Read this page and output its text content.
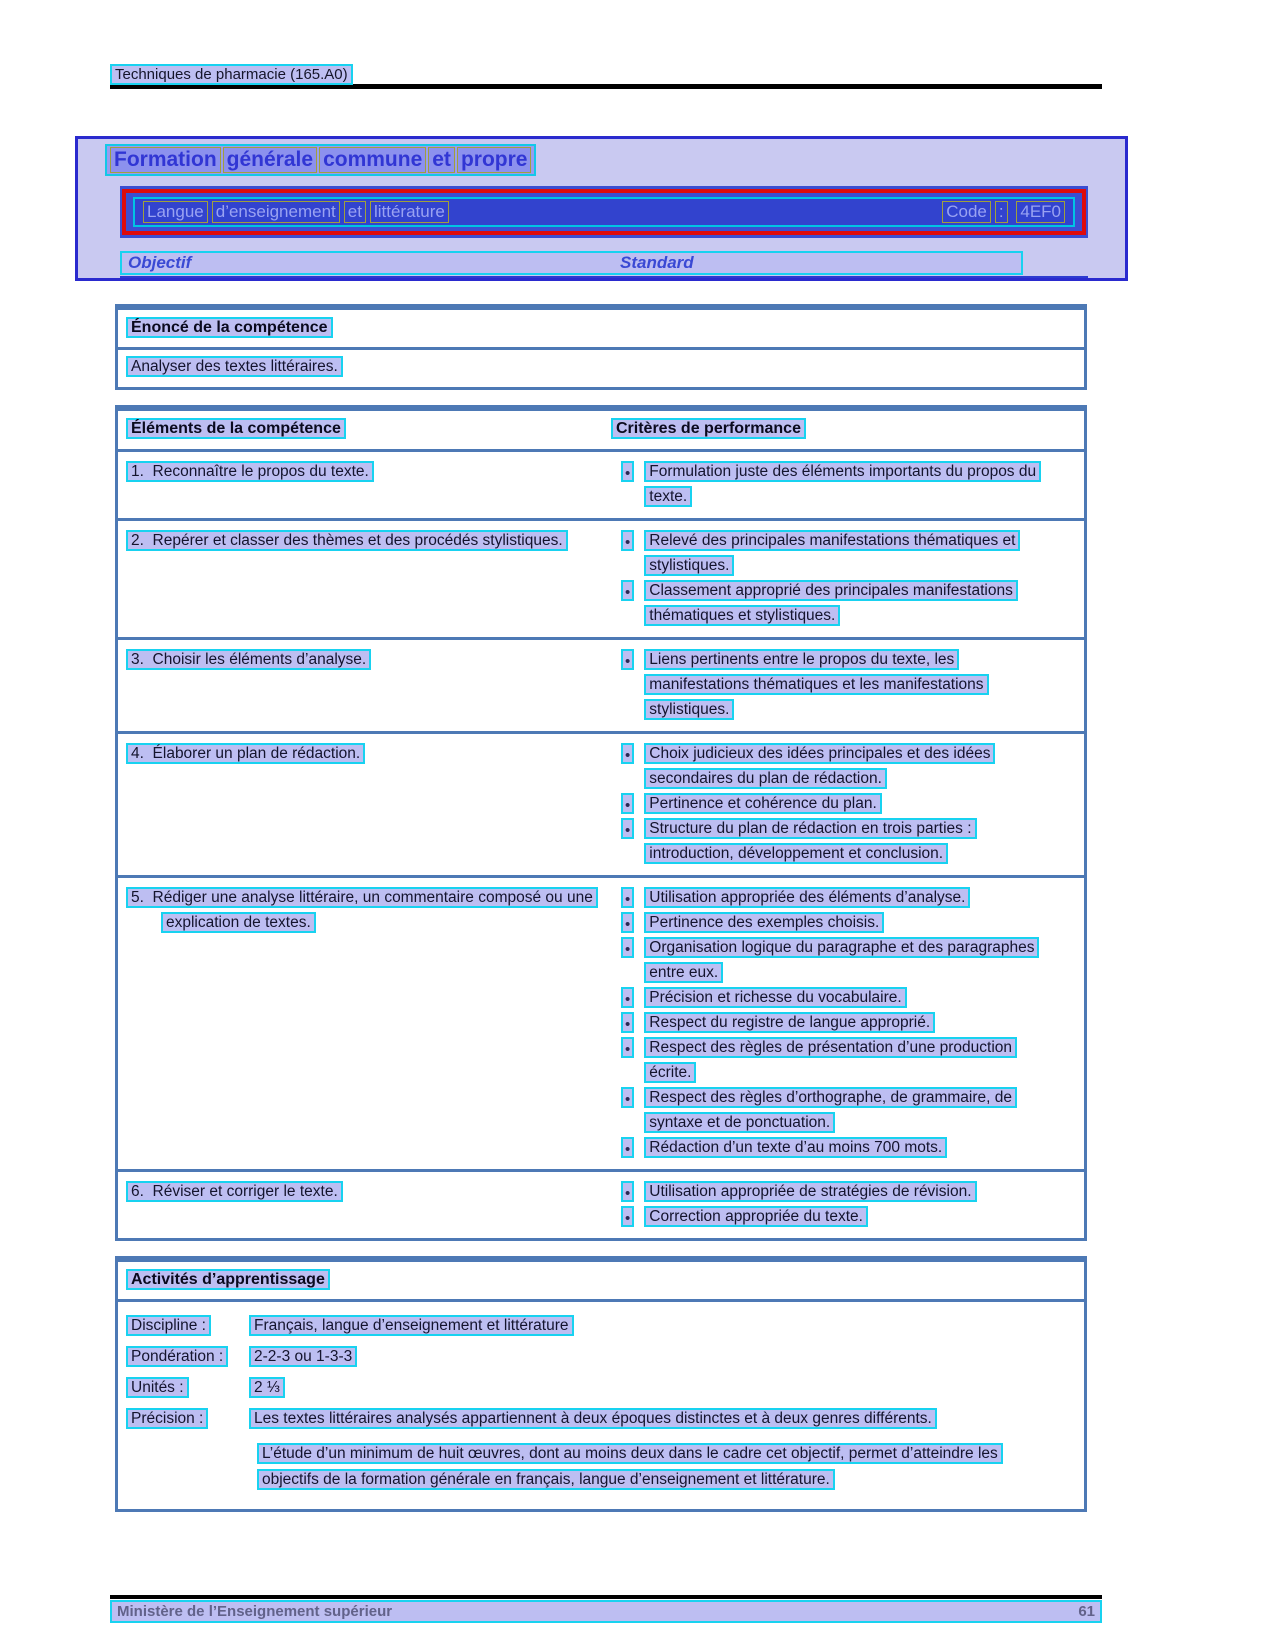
Techniques de pharmacie (165.A0)
Formation générale commune et propre
Langue d’enseignement et littérature	Code : 4EF0
Objectif	Standard
Énoncé de la compétence
Analyser des textes littéraires.
Éléments de la compétence	Critères de performance
1.  Reconnaître le propos du texte.	•	Formulation juste des éléments importants du propos du texte.
2.  Repérer et classer des thèmes et des procédés stylistiques.	•	Relevé des principales manifestations thématiques et stylistiques.
•	Classement approprié des principales manifestations thématiques et stylistiques.
3.  Choisir les éléments d’analyse.	•	Liens pertinents entre le propos du texte, les manifestations thématiques et les manifestations stylistiques.
4.  Élaborer un plan de rédaction.	•	Choix judicieux des idées principales et des idées secondaires du plan de rédaction.
•	Pertinence et cohérence du plan.
•	Structure du plan de rédaction en trois parties : introduction, développement et conclusion.
5.  Rédiger une analyse littéraire, un commentaire composé ou une explication de textes.
•	Utilisation appropriée des éléments d’analyse.
•	Pertinence des exemples choisis.
•	Organisation logique du paragraphe et des paragraphes entre eux.
•	Précision et richesse du vocabulaire.
•	Respect du registre de langue approprié.
•	Respect des règles de présentation d’une production écrite.
•	Respect des règles d’orthographe, de grammaire, de syntaxe et de ponctuation.
•	Rédaction d’un texte d’au moins 700 mots.
6.  Réviser et corriger le texte.	•	Utilisation appropriée de stratégies de révision.
•	Correction appropriée du texte.
Activités d’apprentissage
Discipline :	Français, langue d’enseignement et littérature
Pondération :	2-2-3 ou 1-3-3
Unités :	2 ⅓
Précision :	Les textes littéraires analysés appartiennent à deux époques distinctes et à deux genres différents.
L’étude d’un minimum de huit œuvres, dont au moins deux dans le cadre cet objectif, permet d’atteindre les objectifs de la formation générale en français, langue d’enseignement et littérature.
Ministère de l’Enseignement supérieur	61
